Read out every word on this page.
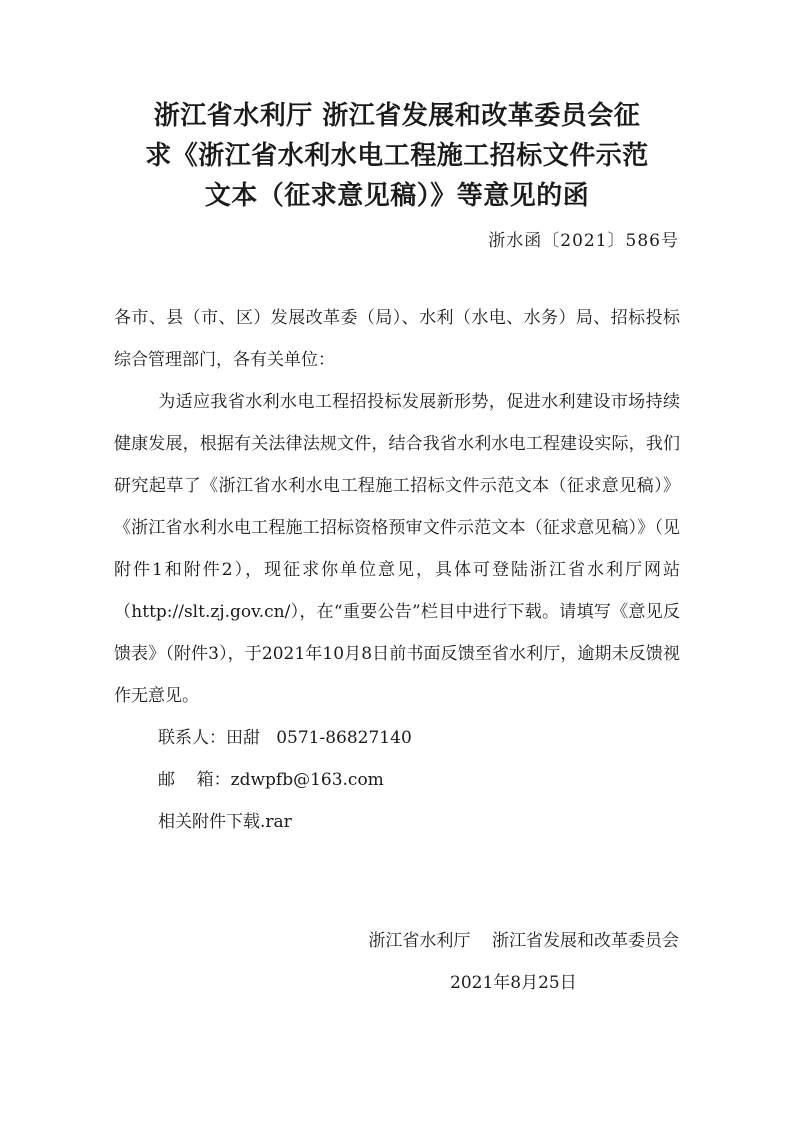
浙江省水利厅 浙江省发展和改革委员会征
求《浙江省水利水电工程施工招标文件示范
文本（征求意见稿）》等意见的函
浙水函〔2021〕586号

各市、县（市、区）发展改革委（局）、水利（水电、水务）局、招标投标综合管理部门，各有关单位：

为适应我省水利水电工程招投标发展新形势，促进水利建设市场持续健康发展，根据有关法律法规文件，结合我省水利水电工程建设实际，我们研究起草了《浙江省水利水电工程施工招标文件示范文本（征求意见稿）》《浙江省水利水电工程施工招标资格预审文件示范文本（征求意见稿）》（见附件1和附件2），现征求你单位意见，具体可登陆浙江省水利厅网站（http://slt.zj.gov.cn/），在“重要公告”栏目中进行下载。请填写《意见反馈表》（附件3），于2021年10月8日前书面反馈至省水利厅，逾期未反馈视作无意见。

联系人：田甜 0571-86827140

邮    箱：zdwpfb@163.com

相关附件下载.rar

浙江省水利厅    浙江省发展和改革委员会
2021年8月25日
